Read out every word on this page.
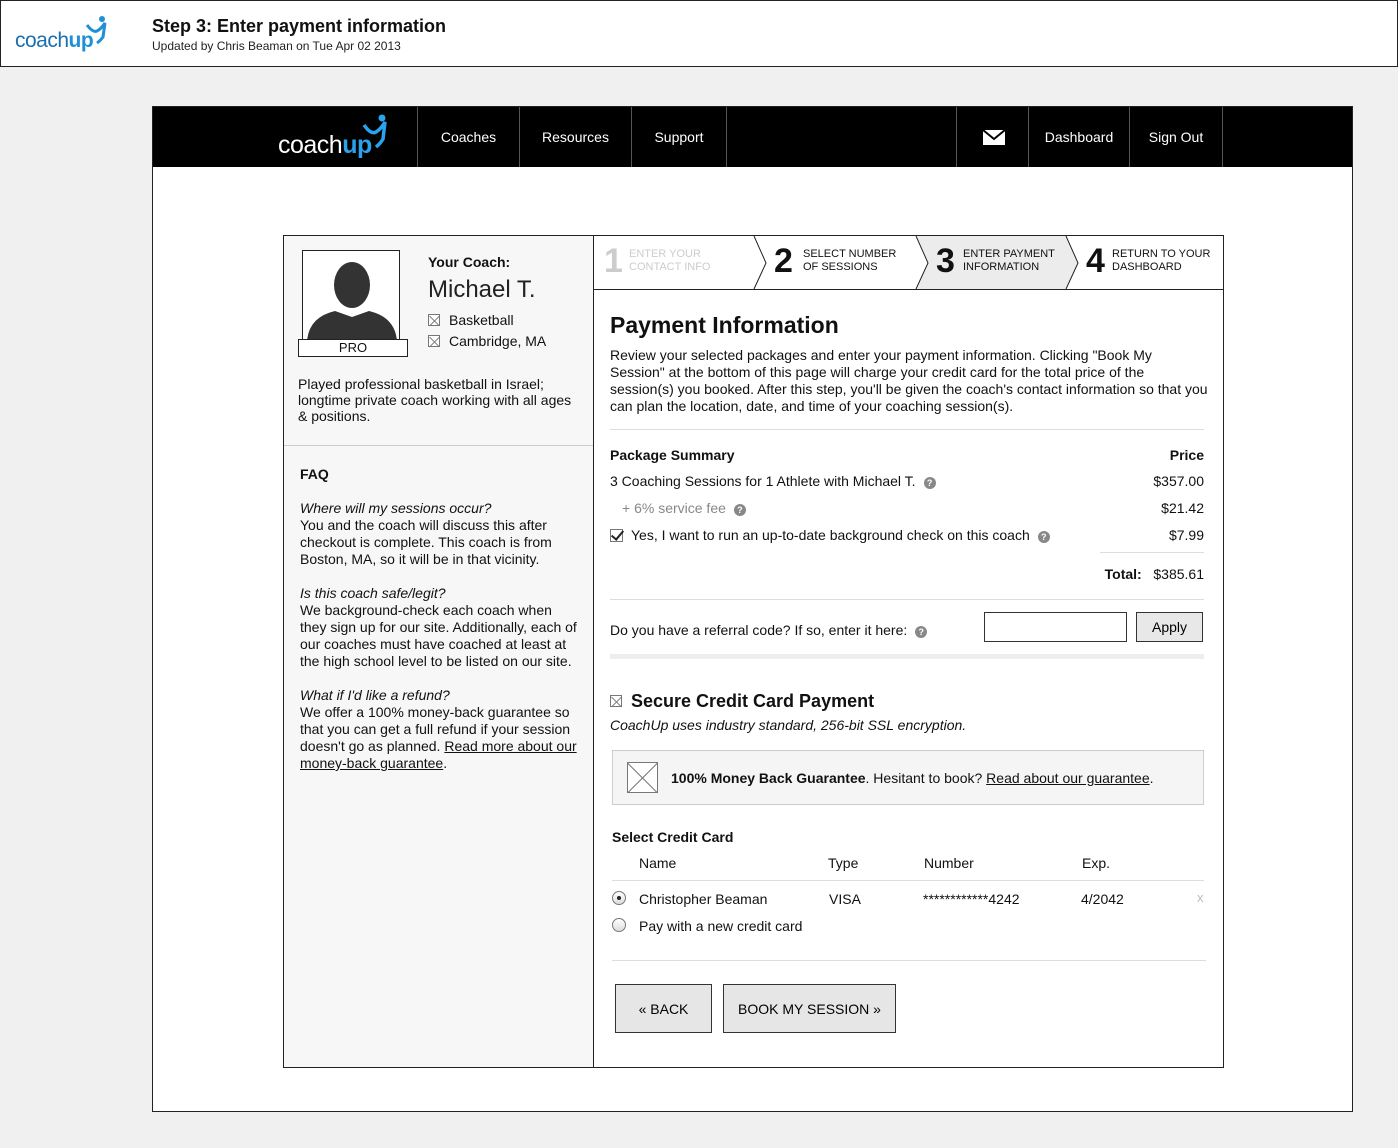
coachup
Step 3: Enter payment information
Updated by Chris Beaman on Tue Apr 02 2013
coachup	Coaches	Resources	Support	Dashboard	Sign Out
PRO
Your Coach:
Michael T.
Basketball
Cambridge, MA
Played professional basketball in Israel; longtime private coach working with all ages & positions.
FAQ
Where will my sessions occur?
You and the coach will discuss this after checkout is complete. This coach is from Boston, MA, so it will be in that vicinity.
Is this coach safe/legit?
We background-check each coach when they sign up for our site. Additionally, each of our coaches must have coached at least at the high school level to be listed on our site.
What if I'd like a refund?
We offer a 100% money-back guarantee so that you can get a full refund if your session doesn't go as planned. Read more about our money-back guarantee.
1 ENTER YOUR
CONTACT INFO 2 SELECT NUMBER
OF SESSIONS	3 ENTER PAYMENT
INFORMATION	4 RETURN TO YOUR
DASHBOARD
Payment Information
Review your selected packages and enter your payment information. Clicking "Book My Session" at the bottom of this page will charge your credit card for the total price of the session(s) you booked. After this step, you'll be given the coach's contact information so that you can plan the location, date, and time of your coaching session(s).
Package Summary	Price
3 Coaching Sessions for 1 Athlete with Michael T. ?	$357.00
+ 6% service fee ?	$21.42
Yes, I want to run an up-to-date background check on this coach ?	$7.99
Total: $385.61
Do you have a referral code? If so, enter it here: ?	Apply
Secure Credit Card Payment
CoachUp uses industry standard, 256-bit SSL encryption.
100% Money Back Guarantee. Hesitant to book? Read about our guarantee.
Select Credit Card
Name	Type	Number	Exp.
Christopher Beaman	VISA	************4242	4/2042	x
Pay with a new credit card
« BACK	BOOK MY SESSION »
